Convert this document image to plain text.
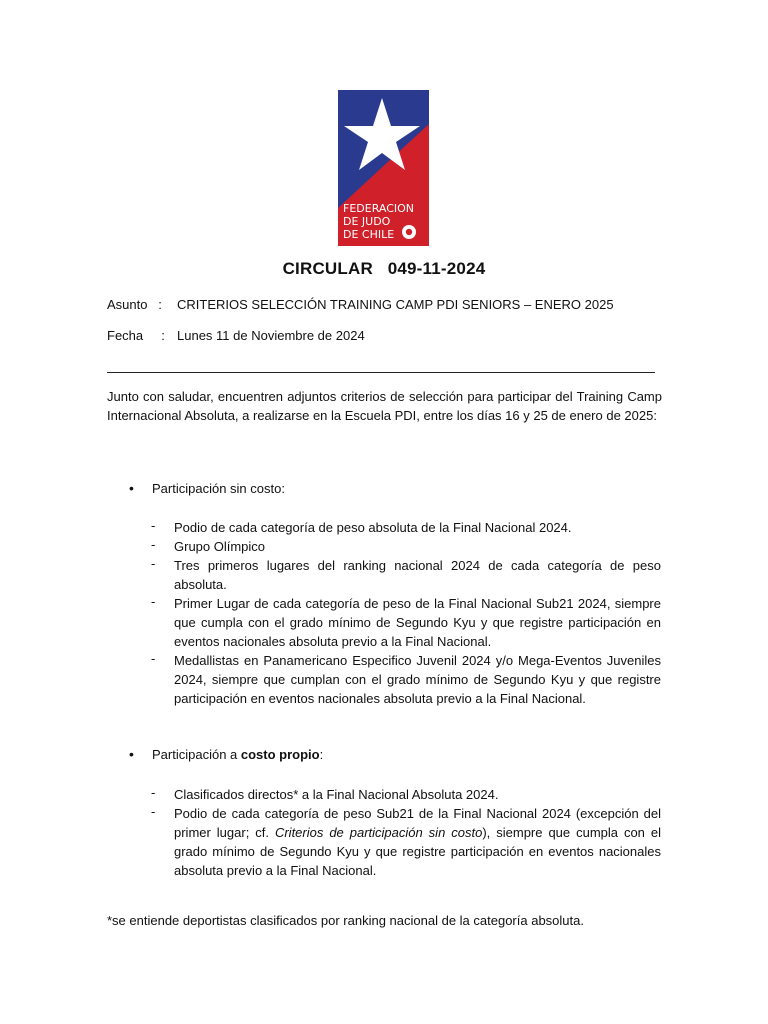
FEDERACION
DE JUDO
DE CHILE
CIRCULAR   049-11-2024
Asunto   : CRITERIOS SELECCIÓN TRAINING CAMP PDI SENIORS – ENERO 2025
Fecha     : Lunes 11 de Noviembre de 2024
Junto con saludar, encuentren adjuntos criterios de selección para participar del Training Camp Internacional Absoluta, a realizarse en la Escuela PDI, entre los días 16 y 25 de enero de 2025:
• Participación sin costo:
- Podio de cada categoría de peso absoluta de la Final Nacional 2024.
- Grupo Olímpico
- Tres primeros lugares del ranking nacional 2024 de cada categoría de peso absoluta.
- Primer Lugar de cada categoría de peso de la Final Nacional Sub21 2024, siempre que cumpla con el grado mínimo de Segundo Kyu y que registre participación en eventos nacionales absoluta previo a la Final Nacional.
- Medallistas en Panamericano Especifico Juvenil 2024 y/o Mega-Eventos Juveniles 2024, siempre que cumplan con el grado mínimo de Segundo Kyu y que registre participación en eventos nacionales absoluta previo a la Final Nacional.
• Participación a costo propio:
- Clasificados directos* a la Final Nacional Absoluta 2024.
- Podio de cada categoría de peso Sub21 de la Final Nacional 2024 (excepción del primer lugar; cf. Criterios de participación sin costo), siempre que cumpla con el grado mínimo de Segundo Kyu y que registre participación en eventos nacionales absoluta previo a la Final Nacional.
*se entiende deportistas clasificados por ranking nacional de la categoría absoluta.
